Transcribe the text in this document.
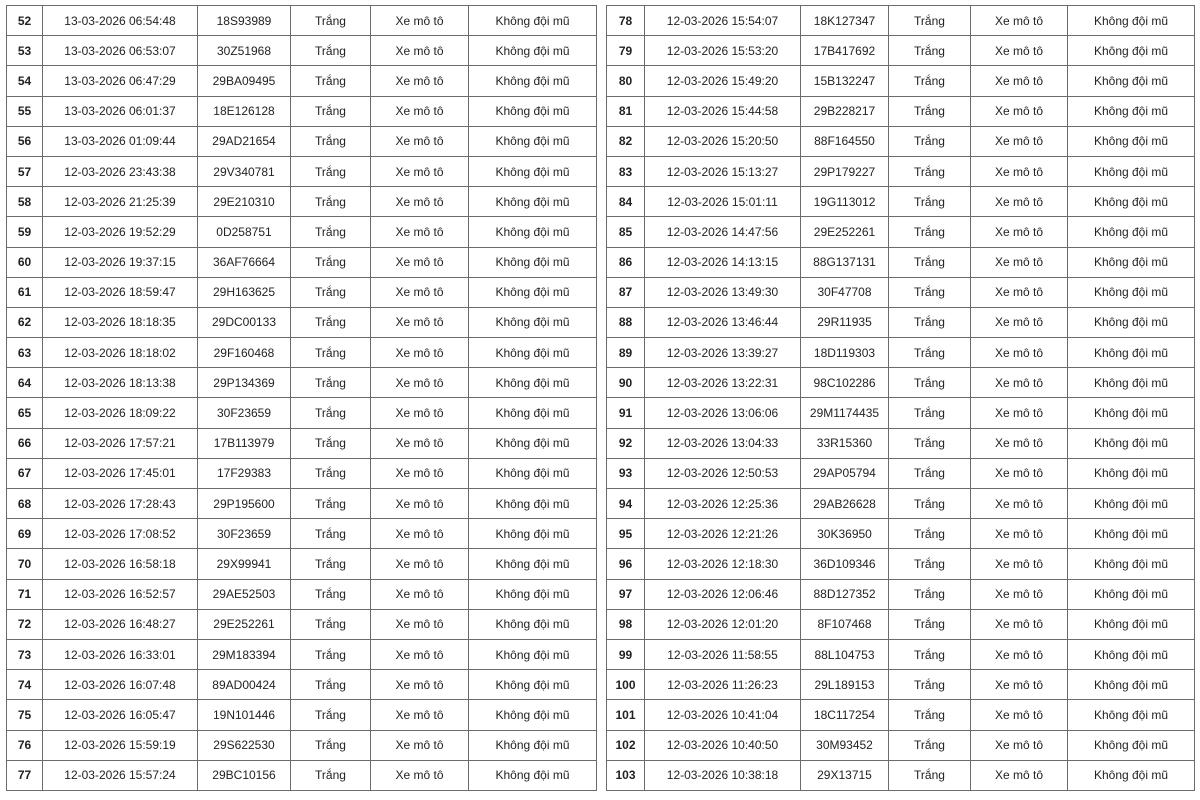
52	13-03-2026 06:54:48	18S93989	Trắng	Xe mô tô	Không đội mũ
53	13-03-2026 06:53:07	30Z51968	Trắng	Xe mô tô	Không đội mũ
54	13-03-2026 06:47:29	29BA09495	Trắng	Xe mô tô	Không đội mũ
55	13-03-2026 06:01:37	18E126128	Trắng	Xe mô tô	Không đội mũ
56	13-03-2026 01:09:44	29AD21654	Trắng	Xe mô tô	Không đội mũ
57	12-03-2026 23:43:38	29V340781	Trắng	Xe mô tô	Không đội mũ
58	12-03-2026 21:25:39	29E210310	Trắng	Xe mô tô	Không đội mũ
59	12-03-2026 19:52:29	0D258751	Trắng	Xe mô tô	Không đội mũ
60	12-03-2026 19:37:15	36AF76664	Trắng	Xe mô tô	Không đội mũ
61	12-03-2026 18:59:47	29H163625	Trắng	Xe mô tô	Không đội mũ
62	12-03-2026 18:18:35	29DC00133	Trắng	Xe mô tô	Không đội mũ
63	12-03-2026 18:18:02	29F160468	Trắng	Xe mô tô	Không đội mũ
64	12-03-2026 18:13:38	29P134369	Trắng	Xe mô tô	Không đội mũ
65	12-03-2026 18:09:22	30F23659	Trắng	Xe mô tô	Không đội mũ
66	12-03-2026 17:57:21	17B113979	Trắng	Xe mô tô	Không đội mũ
67	12-03-2026 17:45:01	17F29383	Trắng	Xe mô tô	Không đội mũ
68	12-03-2026 17:28:43	29P195600	Trắng	Xe mô tô	Không đội mũ
69	12-03-2026 17:08:52	30F23659	Trắng	Xe mô tô	Không đội mũ
70	12-03-2026 16:58:18	29X99941	Trắng	Xe mô tô	Không đội mũ
71	12-03-2026 16:52:57	29AE52503	Trắng	Xe mô tô	Không đội mũ
72	12-03-2026 16:48:27	29E252261	Trắng	Xe mô tô	Không đội mũ
73	12-03-2026 16:33:01	29M183394	Trắng	Xe mô tô	Không đội mũ
74	12-03-2026 16:07:48	89AD00424	Trắng	Xe mô tô	Không đội mũ
75	12-03-2026 16:05:47	19N101446	Trắng	Xe mô tô	Không đội mũ
76	12-03-2026 15:59:19	29S622530	Trắng	Xe mô tô	Không đội mũ
77	12-03-2026 15:57:24	29BC10156	Trắng	Xe mô tô	Không đội mũ
78	12-03-2026 15:54:07	18K127347	Trắng	Xe mô tô	Không đội mũ
79	12-03-2026 15:53:20	17B417692	Trắng	Xe mô tô	Không đội mũ
80	12-03-2026 15:49:20	15B132247	Trắng	Xe mô tô	Không đội mũ
81	12-03-2026 15:44:58	29B228217	Trắng	Xe mô tô	Không đội mũ
82	12-03-2026 15:20:50	88F164550	Trắng	Xe mô tô	Không đội mũ
83	12-03-2026 15:13:27	29P179227	Trắng	Xe mô tô	Không đội mũ
84	12-03-2026 15:01:11	19G113012	Trắng	Xe mô tô	Không đội mũ
85	12-03-2026 14:47:56	29E252261	Trắng	Xe mô tô	Không đội mũ
86	12-03-2026 14:13:15	88G137131	Trắng	Xe mô tô	Không đội mũ
87	12-03-2026 13:49:30	30F47708	Trắng	Xe mô tô	Không đội mũ
88	12-03-2026 13:46:44	29R11935	Trắng	Xe mô tô	Không đội mũ
89	12-03-2026 13:39:27	18D119303	Trắng	Xe mô tô	Không đội mũ
90	12-03-2026 13:22:31	98C102286	Trắng	Xe mô tô	Không đội mũ
91	12-03-2026 13:06:06	29M1174435	Trắng	Xe mô tô	Không đội mũ
92	12-03-2026 13:04:33	33R15360	Trắng	Xe mô tô	Không đội mũ
93	12-03-2026 12:50:53	29AP05794	Trắng	Xe mô tô	Không đội mũ
94	12-03-2026 12:25:36	29AB26628	Trắng	Xe mô tô	Không đội mũ
95	12-03-2026 12:21:26	30K36950	Trắng	Xe mô tô	Không đội mũ
96	12-03-2026 12:18:30	36D109346	Trắng	Xe mô tô	Không đội mũ
97	12-03-2026 12:06:46	88D127352	Trắng	Xe mô tô	Không đội mũ
98	12-03-2026 12:01:20	8F107468	Trắng	Xe mô tô	Không đội mũ
99	12-03-2026 11:58:55	88L104753	Trắng	Xe mô tô	Không đội mũ
100	12-03-2026 11:26:23	29L189153	Trắng	Xe mô tô	Không đội mũ
101	12-03-2026 10:41:04	18C117254	Trắng	Xe mô tô	Không đội mũ
102	12-03-2026 10:40:50	30M93452	Trắng	Xe mô tô	Không đội mũ
103	12-03-2026 10:38:18	29X13715	Trắng	Xe mô tô	Không đội mũ
